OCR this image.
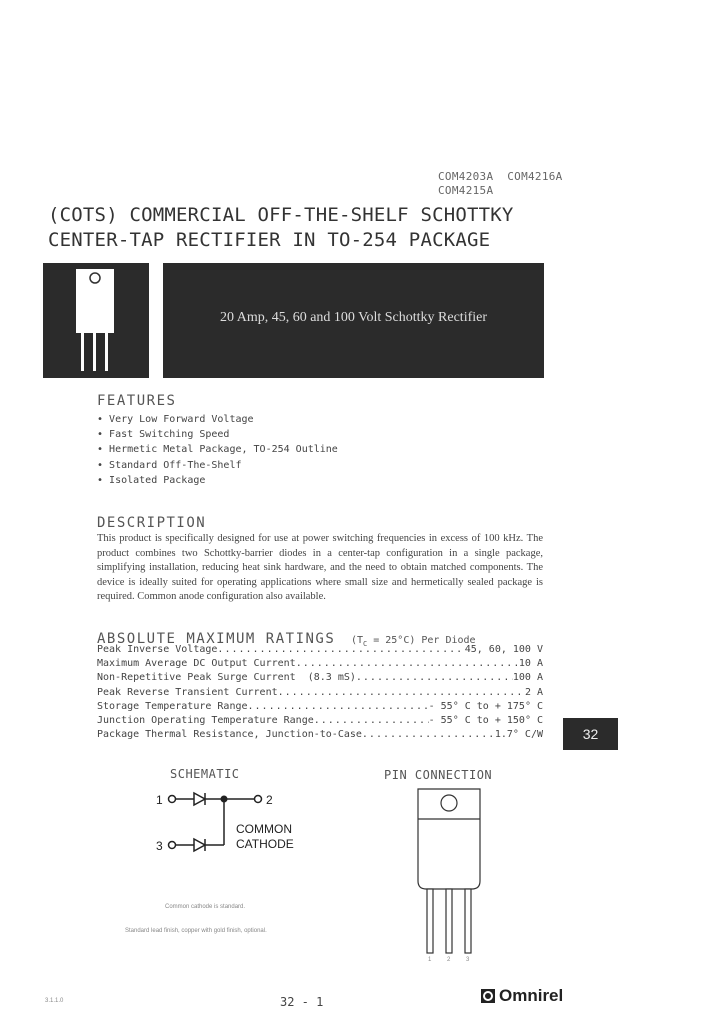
COM4203A  COM4216A
COM4215A
(COTS) COMMERCIAL OFF-THE-SHELF SCHOTTKY
CENTER-TAP RECTIFIER IN TO-254 PACKAGE
20 Amp, 45, 60 and 100 Volt Schottky Rectifier
FEATURES
• Very Low Forward Voltage
• Fast Switching Speed
• Hermetic Metal Package, TO-254 Outline
• Standard Off-The-Shelf
• Isolated Package
DESCRIPTION

This product is specifically designed for use at power switching frequencies in excess of 100 kHz. The product combines two Schottky-barrier diodes in a center-tap configuration in a single package, simplifying installation, reducing heat sink hardware, and the need to obtain matched components. The device is ideally suited for operating applications where small size and hermetically sealed package is required. Common anode configuration also available.

ABSOLUTE MAXIMUM RATINGS $(T_C = 25^\circ C)$ Per Diode
Peak Inverse Voltage .....	45, 60, 100 V
Maximum Average DC Output Current .....	10 A
Non-Repetitive Peak Surge Current  (8.3 mS) .....	100 A
Peak Reverse Transient Current .....	2 A
Storage Temperature Range .....	- 55° C to + 175° C
Junction Operating Temperature Range .....	- 55° C to + 150° C
Package Thermal Resistance, Junction-to-Case .....	1.7° C/W	32
SCHEMATIC
1	2
3
COMMON
CATHODE
Common cathode is standard.
Standard lead finish, copper with gold finish, optional.
PIN CONNECTION
1	2	3
3.1.1.0	32 - 1	Omnirel
